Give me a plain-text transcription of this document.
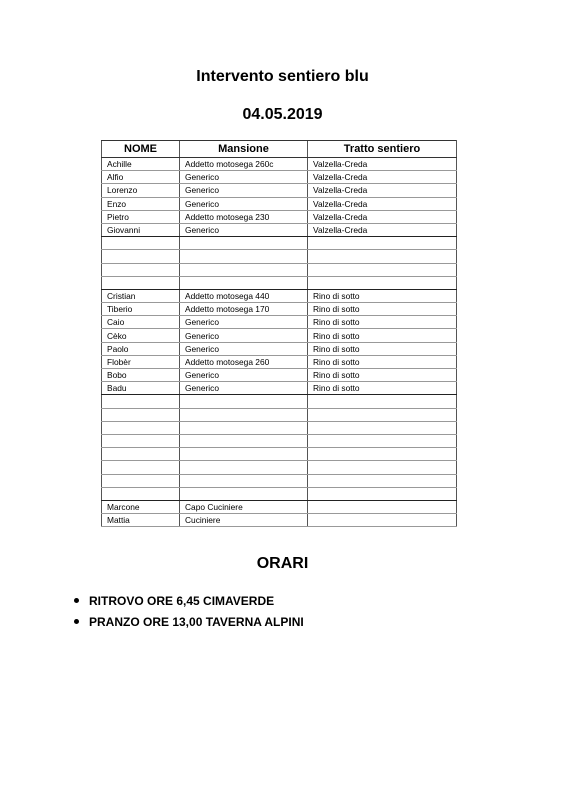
Intervento sentiero blu
04.05.2019
NOME	Mansione	Tratto sentiero
Achille	Addetto motosega 260c	Valzella-Creda
Alfio	Generico	Valzella-Creda
Lorenzo	Generico	Valzella-Creda
Enzo	Generico	Valzella-Creda
Pietro	Addetto motosega 230	Valzella-Creda
Giovanni	Generico	Valzella-Creda

Cristian	Addetto motosega 440	Rino di sotto
Tiberio	Addetto motosega 170	Rino di sotto
Caio	Generico	Rino di sotto
Cèko	Generico	Rino di sotto
Paolo	Generico	Rino di sotto
Flobèr	Addetto motosega 260	Rino di sotto
Bobo	Generico	Rino di sotto
Badu	Generico	Rino di sotto

Marcone	Capo Cuciniere	
Mattia	Cuciniere	
ORARI
RITROVO ORE 6,45 CIMAVERDE
PRANZO ORE 13,00 TAVERNA ALPINI
